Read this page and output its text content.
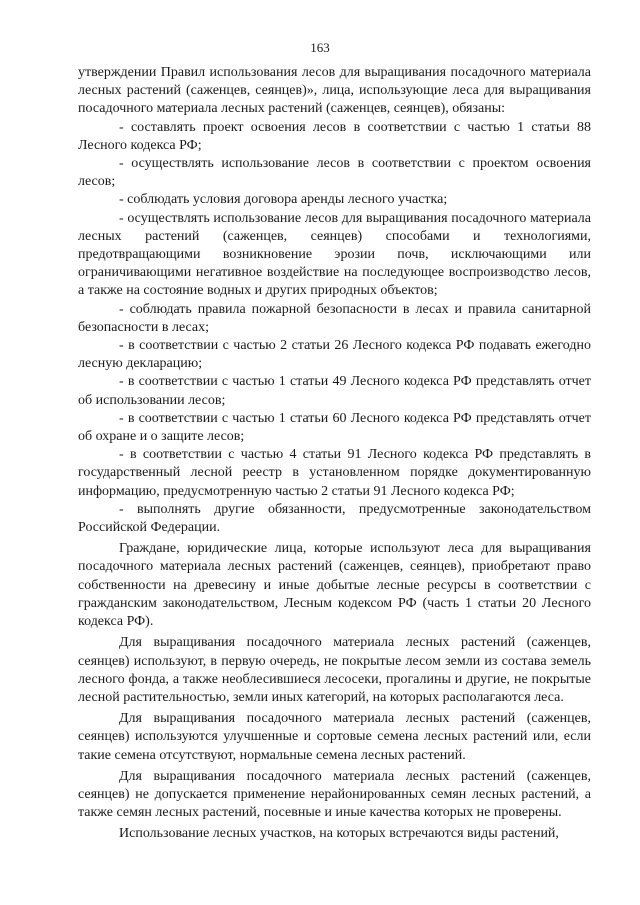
163

утверждении Правил использования лесов для выращивания посадочного материала лесных растений (саженцев, сеянцев)», лица, использующие леса для выращивания посадочного материала лесных растений (саженцев, сеянцев), обязаны:

- составлять проект освоения лесов в соответствии с частью 1 статьи 88 Лесного кодекса РФ;

- осуществлять использование лесов в соответствии с проектом освоения лесов;

- соблюдать условия договора аренды лесного участка;

- осуществлять использование лесов для выращивания посадочного материала лесных растений (саженцев, сеянцев) способами и технологиями, предотвращающими возникновение эрозии почв, исключающими или ограничивающими негативное воздействие на последующее воспроизводство лесов, а также на состояние водных и других природных объектов;

- соблюдать правила пожарной безопасности в лесах и правила санитарной безопасности в лесах;

- в соответствии с частью 2 статьи 26 Лесного кодекса РФ подавать ежегодно лесную декларацию;

- в соответствии с частью 1 статьи 49 Лесного кодекса РФ представлять отчет об использовании лесов;

- в соответствии с частью 1 статьи 60 Лесного кодекса РФ представлять отчет об охране и о защите лесов;

- в соответствии с частью 4 статьи 91 Лесного кодекса РФ представлять в государственный лесной реестр в установленном порядке документированную информацию, предусмотренную частью 2 статьи 91 Лесного кодекса РФ;

- выполнять другие обязанности, предусмотренные законодательством Российской Федерации.

Граждане, юридические лица, которые используют леса для выращивания посадочного материала лесных растений (саженцев, сеянцев), приобретают право собственности на древесину и иные добытые лесные ресурсы в соответствии с гражданским законодательством, Лесным кодексом РФ (часть 1 статьи 20 Лесного кодекса РФ).

Для выращивания посадочного материала лесных растений (саженцев, сеянцев) используют, в первую очередь, не покрытые лесом земли из состава земель лесного фонда, а также необлесившиеся лесосеки, прогалины и другие, не покрытые лесной растительностью, земли иных категорий, на которых располагаются леса.

Для выращивания посадочного материала лесных растений (саженцев, сеянцев) используются улучшенные и сортовые семена лесных растений или, если такие семена отсутствуют, нормальные семена лесных растений.

Для выращивания посадочного материала лесных растений (саженцев, сеянцев) не допускается применение нерайонированных семян лесных растений, а также семян лесных растений, посевные и иные качества которых не проверены.

Использование лесных участков, на которых встречаются виды растений,
